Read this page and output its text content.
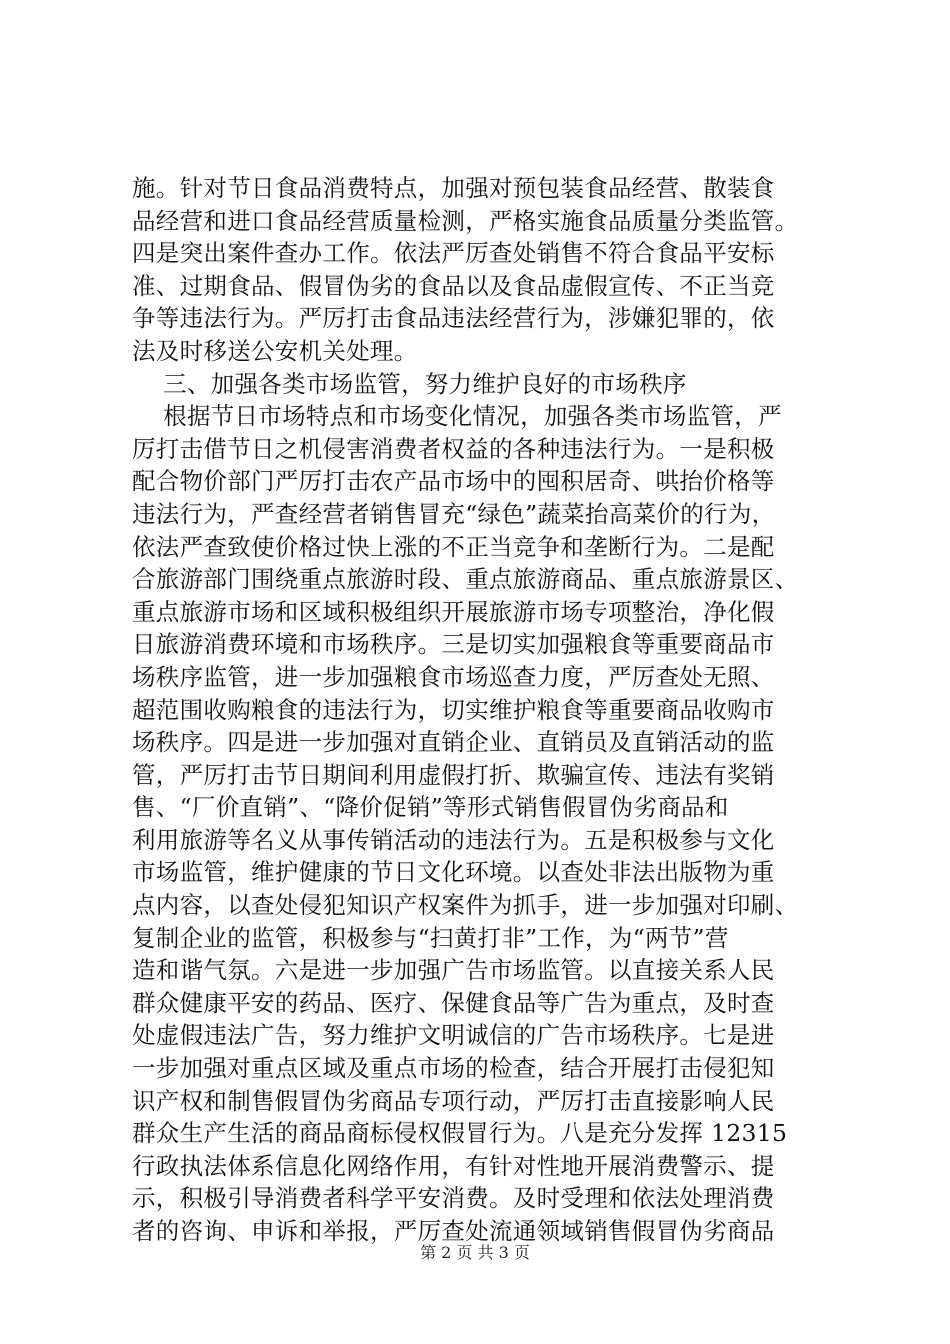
施。针对节日食品消费特点，加强对预包装食品经营、散装食
品经营和进口食品经营质量检测，严格实施食品质量分类监管。
四是突出案件查办工作。依法严厉查处销售不符合食品平安标
准、过期食品、假冒伪劣的食品以及食品虚假宣传、不正当竞
争等违法行为。严厉打击食品违法经营行为，涉嫌犯罪的，依
法及时移送公安机关处理。
三、加强各类市场监管，努力维护良好的市场秩序
根据节日市场特点和市场变化情况，加强各类市场监管，严
厉打击借节日之机侵害消费者权益的各种违法行为。一是积极
配合物价部门严厉打击农产品市场中的囤积居奇、哄抬价格等
违法行为，严查经营者销售冒充“绿色”蔬菜抬高菜价的行为，
依法严查致使价格过快上涨的不正当竞争和垄断行为。二是配
合旅游部门围绕重点旅游时段、重点旅游商品、重点旅游景区、
重点旅游市场和区域积极组织开展旅游市场专项整治，净化假
日旅游消费环境和市场秩序。三是切实加强粮食等重要商品市
场秩序监管，进一步加强粮食市场巡查力度，严厉查处无照、
超范围收购粮食的违法行为，切实维护粮食等重要商品收购市
场秩序。四是进一步加强对直销企业、直销员及直销活动的监
管，严厉打击节日期间利用虚假打折、欺骗宣传、违法有奖销
售、“厂价直销”、“降价促销”等形式销售假冒伪劣商品和
利用旅游等名义从事传销活动的违法行为。五是积极参与文化
市场监管，维护健康的节日文化环境。以查处非法出版物为重
点内容，以查处侵犯知识产权案件为抓手，进一步加强对印刷、
复制企业的监管，积极参与“扫黄打非”工作，为“两节”营
造和谐气氛。六是进一步加强广告市场监管。以直接关系人民
群众健康平安的药品、医疗、保健食品等广告为重点，及时查
处虚假违法广告，努力维护文明诚信的广告市场秩序。七是进
一步加强对重点区域及重点市场的检查，结合开展打击侵犯知
识产权和制售假冒伪劣商品专项行动，严厉打击直接影响人民
群众生产生活的商品商标侵权假冒行为。八是充分发挥 12315
行政执法体系信息化网络作用，有针对性地开展消费警示、提
示，积极引导消费者科学平安消费。及时受理和依法处理消费
者的咨询、申诉和举报，严厉查处流通领域销售假冒伪劣商品
第 2 页 共 3 页
